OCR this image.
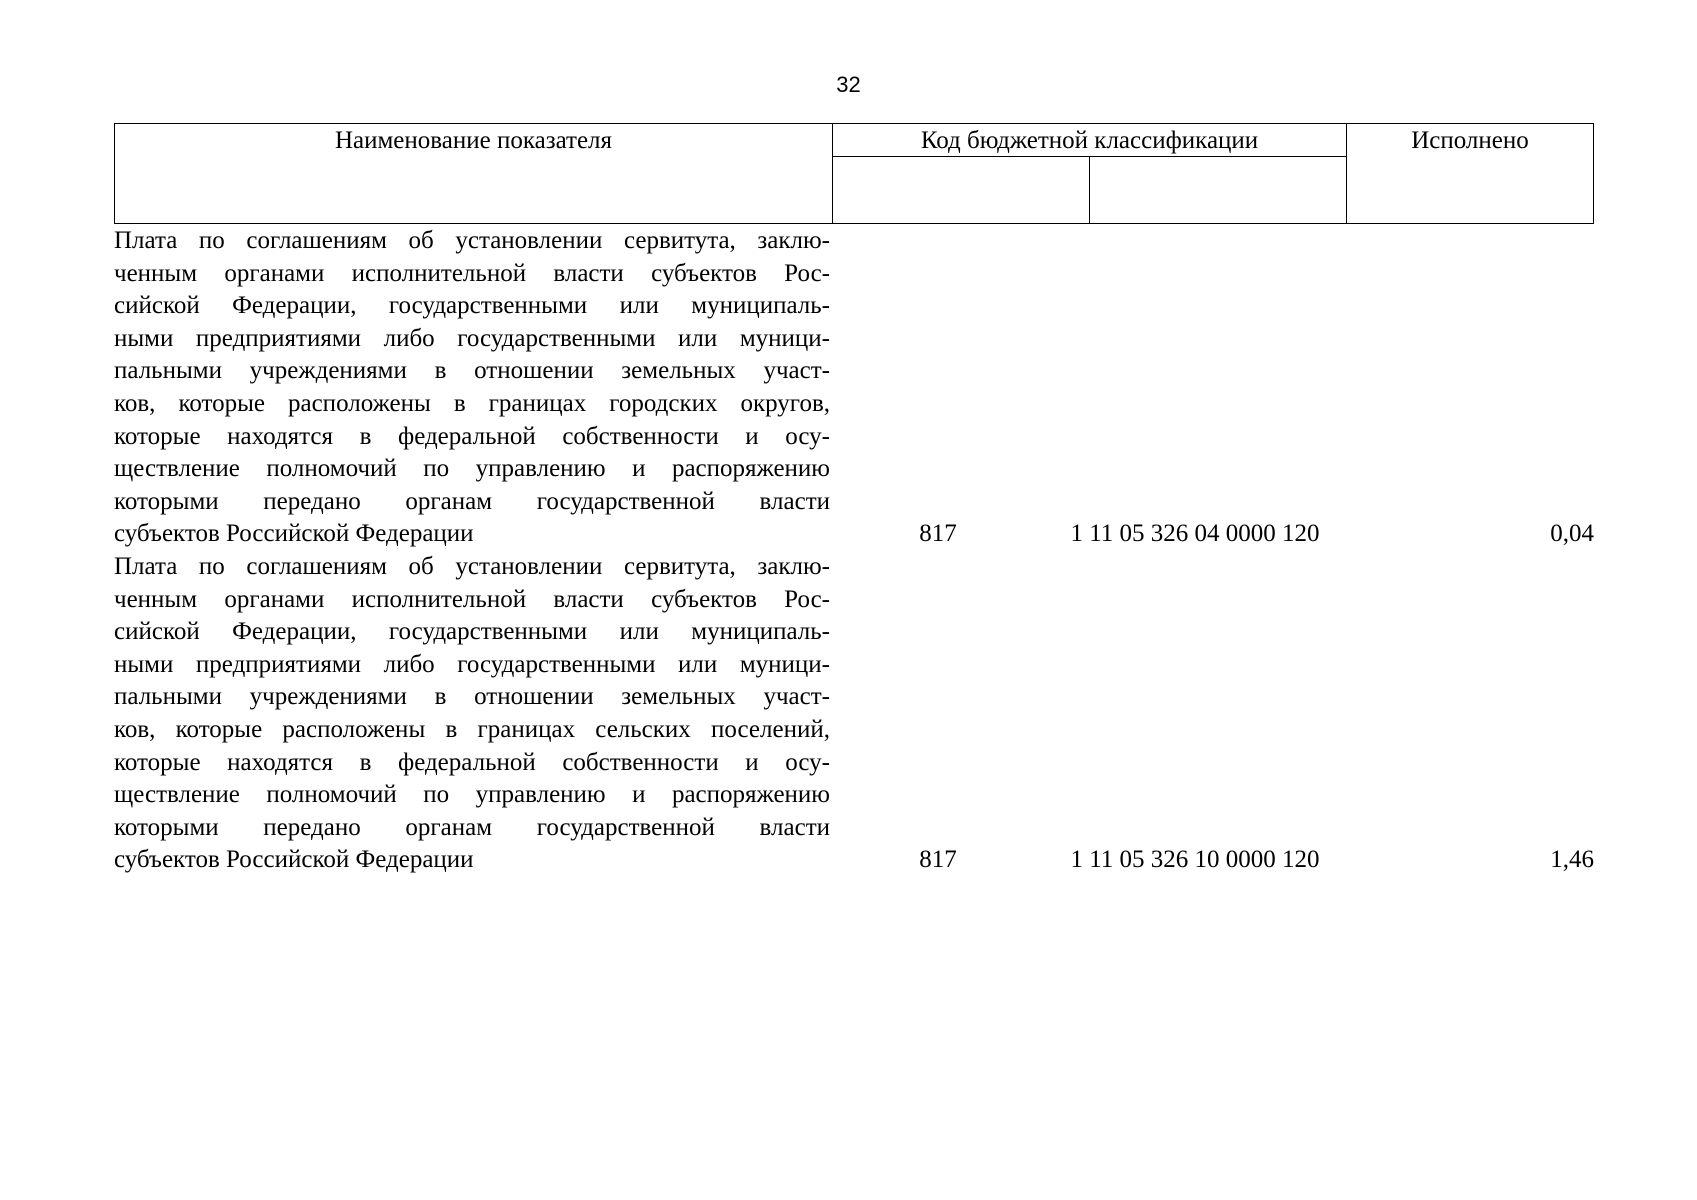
32
Наименование показателя	Код бюджетной классификации		Исполнено

Плата по соглашениям об установлении сервитута, заклю-
ченным органами исполнительной власти субъектов Рос-
сийской Федерации, государственными или муниципаль-
ными предприятиями либо государственными или муници-
пальными учреждениями в отношении земельных участ-
ков, которые расположены в границах городских округов,
которые находятся в федеральной собственности и осу-
ществление полномочий по управлению и распоряжению
которыми передано органам государственной власти
субъектов Российской Федерации	817	1 11 05 326 04 0000 120	0,04
Плата по соглашениям об установлении сервитута, заклю-
ченным органами исполнительной власти субъектов Рос-
сийской Федерации, государственными или муниципаль-
ными предприятиями либо государственными или муници-
пальными учреждениями в отношении земельных участ-
ков, которые расположены в границах сельских поселений,
которые находятся в федеральной собственности и осу-
ществление полномочий по управлению и распоряжению
которыми передано органам государственной власти
субъектов Российской Федерации	817	1 11 05 326 10 0000 120	1,46
